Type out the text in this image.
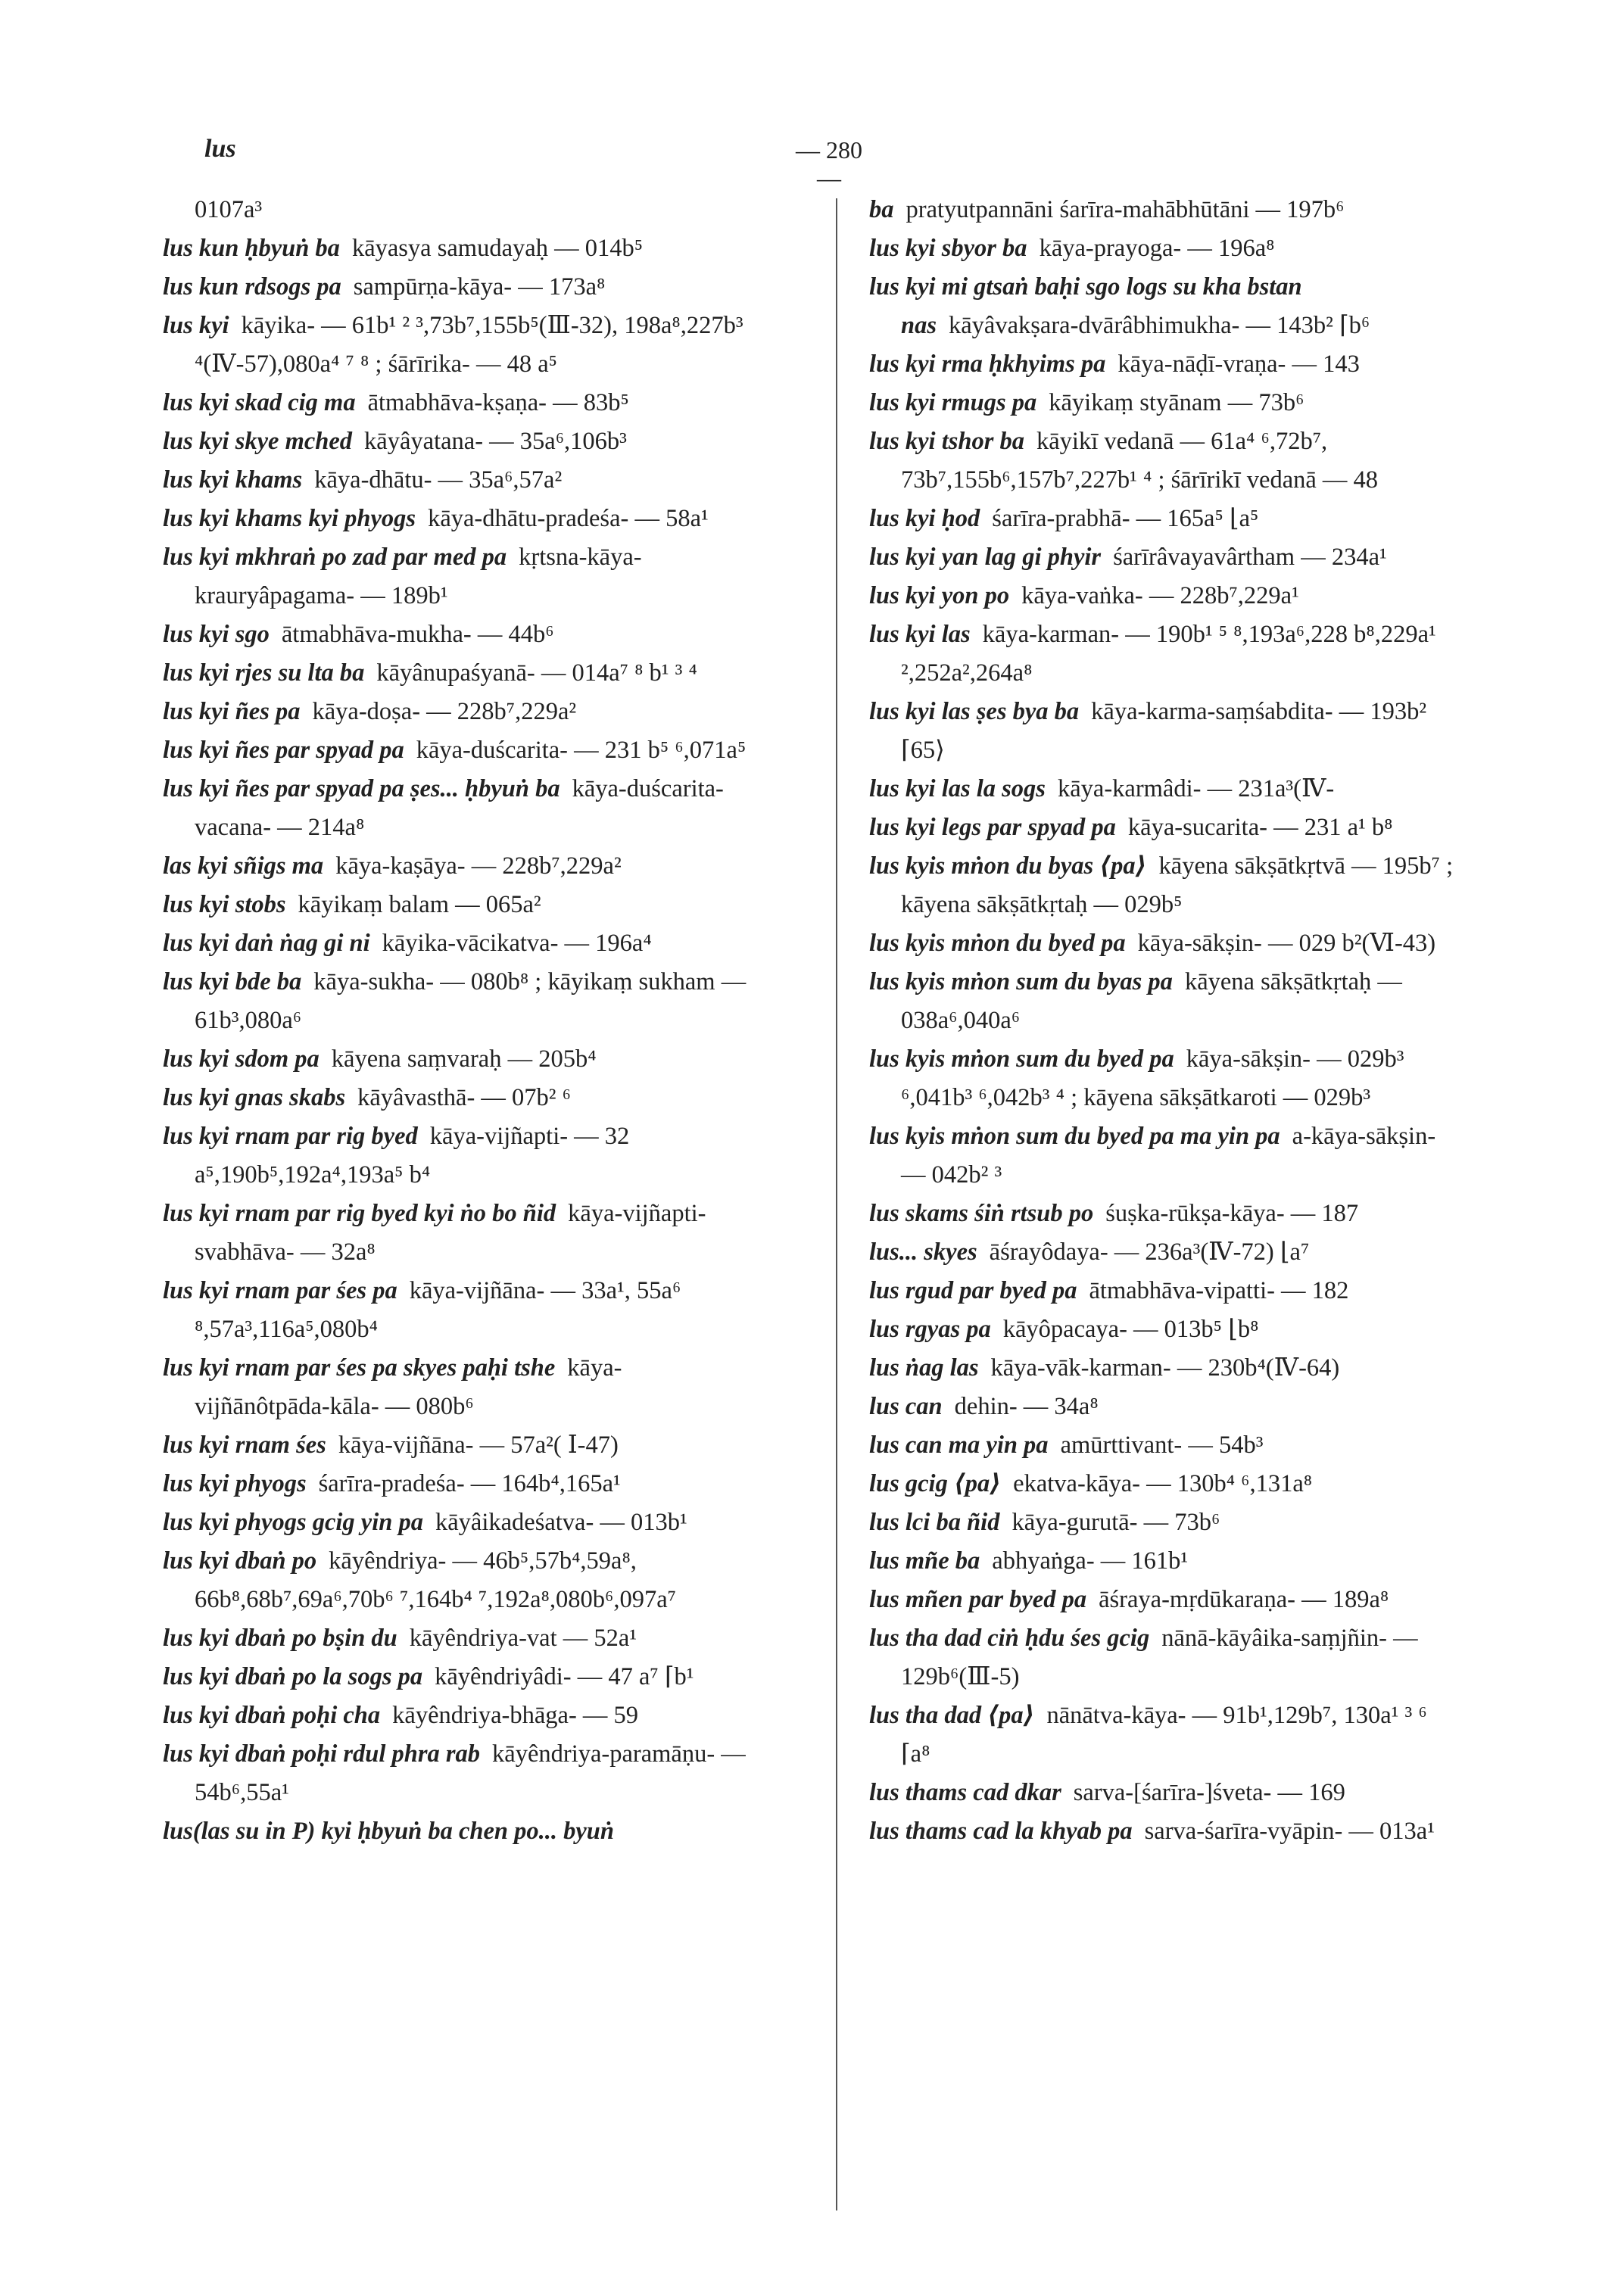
lus	— 280 —

0107a³

lus kun ḥbyuṅ ba kāyasya samudayaḥ — 014b⁵

lus kun rdsogs pa sampūrṇa-kāya- — 173a⁸

lus kyi kāyika- — 61b¹ ² ³,73b⁷,155b⁵(Ⅲ-32), 198a⁸,227b³ ⁴(Ⅳ-57),080a⁴ ⁷ ⁸ ; śārīrika- — 48 a⁵

lus kyi skad cig ma ātmabhāva-kṣaṇa- — 83b⁵

lus kyi skye mched kāyâyatana- — 35a⁶,106b³

lus kyi khams kāya-dhātu- — 35a⁶,57a²

lus kyi khams kyi phyogs kāya-dhātu-pradeśa- — 58a¹

lus kyi mkhraṅ po zad par med pa kṛtsna-kāya-krauryâpagama- — 189b¹

lus kyi sgo ātmabhāva-mukha- — 44b⁶

lus kyi rjes su lta ba kāyânupaśyanā- — 014a⁷ ⁸ b¹ ³ ⁴

lus kyi ñes pa kāya-doṣa- — 228b⁷,229a²

lus kyi ñes par spyad pa kāya-duścarita- — 231 b⁵ ⁶,071a⁵

lus kyi ñes par spyad pa ṣes... ḥbyuṅ ba kāya-duścarita-vacana- — 214a⁸

las kyi sñigs ma kāya-kaṣāya- — 228b⁷,229a²

lus kyi stobs kāyikaṃ balam — 065a²

lus kyi daṅ ṅag gi ni kāyika-vācikatva- — 196a⁴

lus kyi bde ba kāya-sukha- — 080b⁸ ; kāyikaṃ sukham — 61b³,080a⁶

lus kyi sdom pa kāyena saṃvaraḥ — 205b⁴

lus kyi gnas skabs kāyâvasthā- — 07b² ⁶

lus kyi rnam par rig byed kāya-vijñapti- — 32 a⁵,190b⁵,192a⁴,193a⁵ b⁴

lus kyi rnam par rig byed kyi ṅo bo ñid kāya-vijñapti-svabhāva- — 32a⁸

lus kyi rnam par śes pa kāya-vijñāna- — 33a¹, 55a⁶ ⁸,57a³,116a⁵,080b⁴

lus kyi rnam par śes pa skyes paḥi tshe kāya-vijñānôtpāda-kāla- — 080b⁶

lus kyi rnam śes kāya-vijñāna- — 57a²( Ⅰ-47)

lus kyi phyogs śarīra-pradeśa- — 164b⁴,165a¹

lus kyi phyogs gcig yin pa kāyâikadeśatva- — 013b¹

lus kyi dbaṅ po kāyêndriya- — 46b⁵,57b⁴,59a⁸, 66b⁸,68b⁷,69a⁶,70b⁶ ⁷,164b⁴ ⁷,192a⁸,080b⁶,097a⁷

lus kyi dbaṅ po bṣin du kāyêndriya-vat — 52a¹

lus kyi dbaṅ po la sogs pa kāyêndriyâdi- — 47 a⁷ ⌈b¹

lus kyi dbaṅ poḥi cha kāyêndriya-bhāga- — 59

lus kyi dbaṅ poḥi rdul phra rab kāyêndriya-paramāṇu- — 54b⁶,55a¹

lus(las su in P) kyi ḥbyuṅ ba chen po... byuṅ

ba pratyutpannāni śarīra-mahābhūtāni — 197b⁶

lus kyi sbyor ba kāya-prayoga- — 196a⁸

lus kyi mi gtsaṅ baḥi sgo logs su kha bstan nas kāyâvakṣara-dvārâbhimukha- — 143b² ⌈b⁶

lus kyi rma ḥkhyims pa kāya-nāḍī-vraṇa- — 143

lus kyi rmugs pa kāyikaṃ styānam — 73b⁶

lus kyi tshor ba kāyikī vedanā — 61a⁴ ⁶,72b⁷, 73b⁷,155b⁶,157b⁷,227b¹ ⁴ ; śārīrikī vedanā — 48

lus kyi ḥod śarīra-prabhā- — 165a⁵ ⌊a⁵

lus kyi yan lag gi phyir śarīrâvayavârtham — 234a¹

lus kyi yon po kāya-vaṅka- — 228b⁷,229a¹

lus kyi las kāya-karman- — 190b¹ ⁵ ⁸,193a⁶,228 b⁸,229a¹ ²,252a²,264a⁸

lus kyi las ṣes bya ba kāya-karma-saṃśabdita- — 193b² ⌈65⟩

lus kyi las la sogs kāya-karmâdi- — 231a³(Ⅳ-

lus kyi legs par spyad pa kāya-sucarita- — 231 a¹ b⁸

lus kyis mṅon du byas ⟨pa⟩ kāyena sākṣātkṛtvā — 195b⁷ ; kāyena sākṣātkṛtaḥ — 029b⁵

lus kyis mṅon du byed pa kāya-sākṣin- — 029 b²(Ⅵ-43)

lus kyis mṅon sum du byas pa kāyena sākṣātkṛtaḥ — 038a⁶,040a⁶

lus kyis mṅon sum du byed pa kāya-sākṣin- — 029b³ ⁶,041b³ ⁶,042b³ ⁴ ; kāyena sākṣātkaroti — 029b³

lus kyis mṅon sum du byed pa ma yin pa a-kāya-sākṣin- — 042b² ³

lus skams śiṅ rtsub po śuṣka-rūkṣa-kāya- — 187

lus... skyes āśrayôdaya- — 236a³(Ⅳ-72) ⌊a⁷

lus rgud par byed pa ātmabhāva-vipatti- — 182

lus rgyas pa kāyôpacaya- — 013b⁵ ⌊b⁸

lus ṅag las kāya-vāk-karman- — 230b⁴(Ⅳ-64)

lus can dehin- — 34a⁸

lus can ma yin pa amūrttivant- — 54b³

lus gcig ⟨pa⟩ ekatva-kāya- — 130b⁴ ⁶,131a⁸

lus lci ba ñid kāya-gurutā- — 73b⁶

lus mñe ba abhyaṅga- — 161b¹

lus mñen par byed pa āśraya-mṛdūkaraṇa- — 189a⁸

lus tha dad ciṅ ḥdu śes gcig nānā-kāyâika-saṃjñin- — 129b⁶(Ⅲ-5)

lus tha dad ⟨pa⟩ nānātva-kāya- — 91b¹,129b⁷, 130a¹ ³ ⁶ ⌈a⁸

lus thams cad dkar sarva-[śarīra-]śveta- — 169

lus thams cad la khyab pa sarva-śarīra-vyāpin- — 013a¹
